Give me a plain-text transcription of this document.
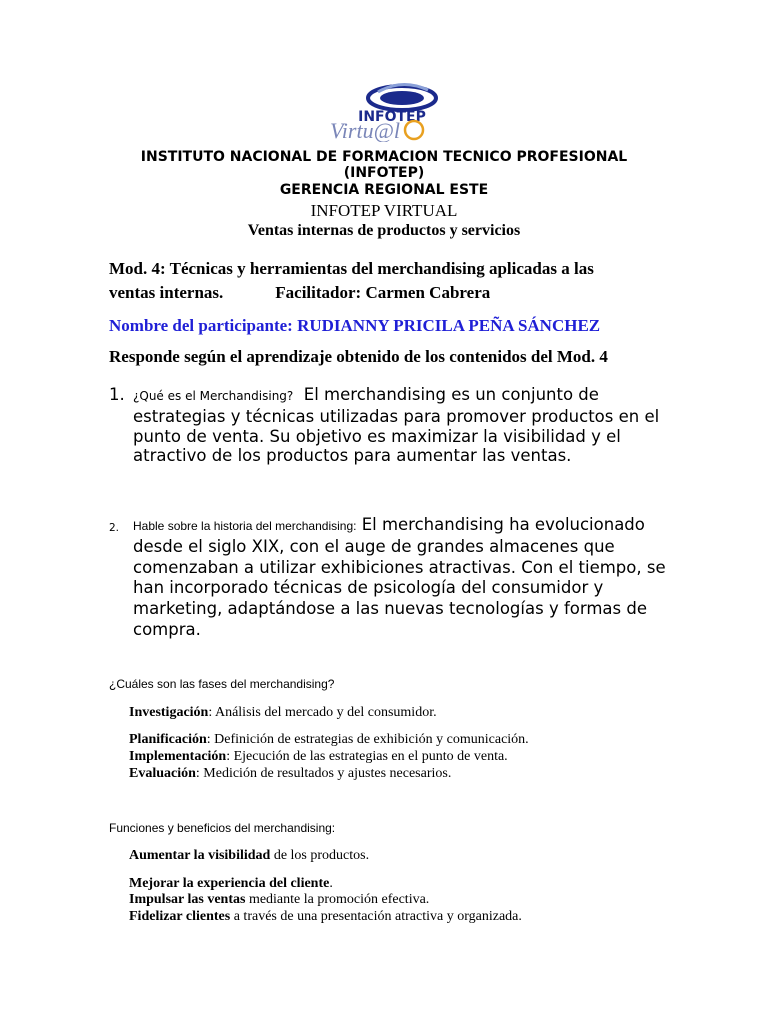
INFOTEP
Virtu@l
INSTITUTO NACIONAL DE FORMACION TECNICO PROFESIONAL
(INFOTEP)
GERENCIA REGIONAL ESTE
INFOTEP VIRTUAL
Ventas internas de productos y servicios
Mod. 4: Técnicas y herramientas del merchandising aplicadas a las
ventas internas.	Facilitador: Carmen Cabrera
Nombre del participante: RUDIANNY PRICILA PEÑA SÁNCHEZ
Responde según el aprendizaje obtenido de los contenidos del Mod. 4
1. ¿Qué es el Merchandising? El merchandising es un conjunto de estrategias y técnicas utilizadas para promover productos en el punto de venta. Su objetivo es maximizar la visibilidad y el atractivo de los productos para aumentar las ventas.
2. Hable sobre la historia del merchandising: El merchandising ha evolucionado desde el siglo XIX, con el auge de grandes almacenes que comenzaban a utilizar exhibiciones atractivas. Con el tiempo, se han incorporado técnicas de psicología del consumidor y marketing, adaptándose a las nuevas tecnologías y formas de compra.
¿Cuáles son las fases del merchandising?
Investigación: Análisis del mercado y del consumidor.
Planificación: Definición de estrategias de exhibición y comunicación.
Implementación: Ejecución de las estrategias en el punto de venta.
Evaluación: Medición de resultados y ajustes necesarios.
Funciones y beneficios del merchandising:
Aumentar la visibilidad de los productos.
Mejorar la experiencia del cliente.
Impulsar las ventas mediante la promoción efectiva.
Fidelizar clientes a través de una presentación atractiva y organizada.
